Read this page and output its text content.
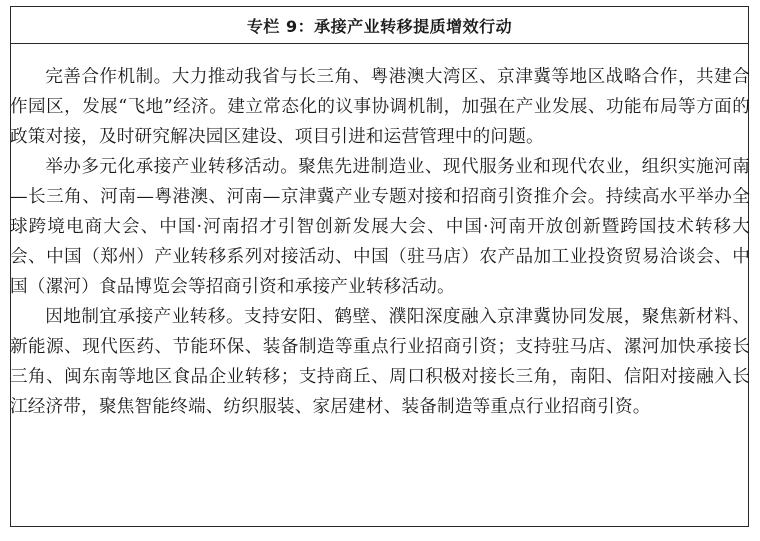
专栏 9：承接产业转移提质增效行动

完善合作机制。大力推动我省与长三角、粤港澳大湾区、京津冀等地区战略合作，共建合作园区，发展“飞地”经济。建立常态化的议事协调机制，加强在产业发展、功能布局等方面的政策对接，及时研究解决园区建设、项目引进和运营管理中的问题。

举办多元化承接产业转移活动。聚焦先进制造业、现代服务业和现代农业，组织实施河南—长三角、河南—粤港澳、河南—京津冀产业专题对接和招商引资推介会。持续高水平举办全球跨境电商大会、中国·河南招才引智创新发展大会、中国·河南开放创新暨跨国技术转移大会、中国（郑州）产业转移系列对接活动、中国（驻马店）农产品加工业投资贸易洽谈会、中国（漯河）食品博览会等招商引资和承接产业转移活动。

因地制宜承接产业转移。支持安阳、鹤壁、濮阳深度融入京津冀协同发展，聚焦新材料、新能源、现代医药、节能环保、装备制造等重点行业招商引资；支持驻马店、漯河加快承接长三角、闽东南等地区食品企业转移；支持商丘、周口积极对接长三角，南阳、信阳对接融入长江经济带，聚焦智能终端、纺织服装、家居建材、装备制造等重点行业招商引资。
